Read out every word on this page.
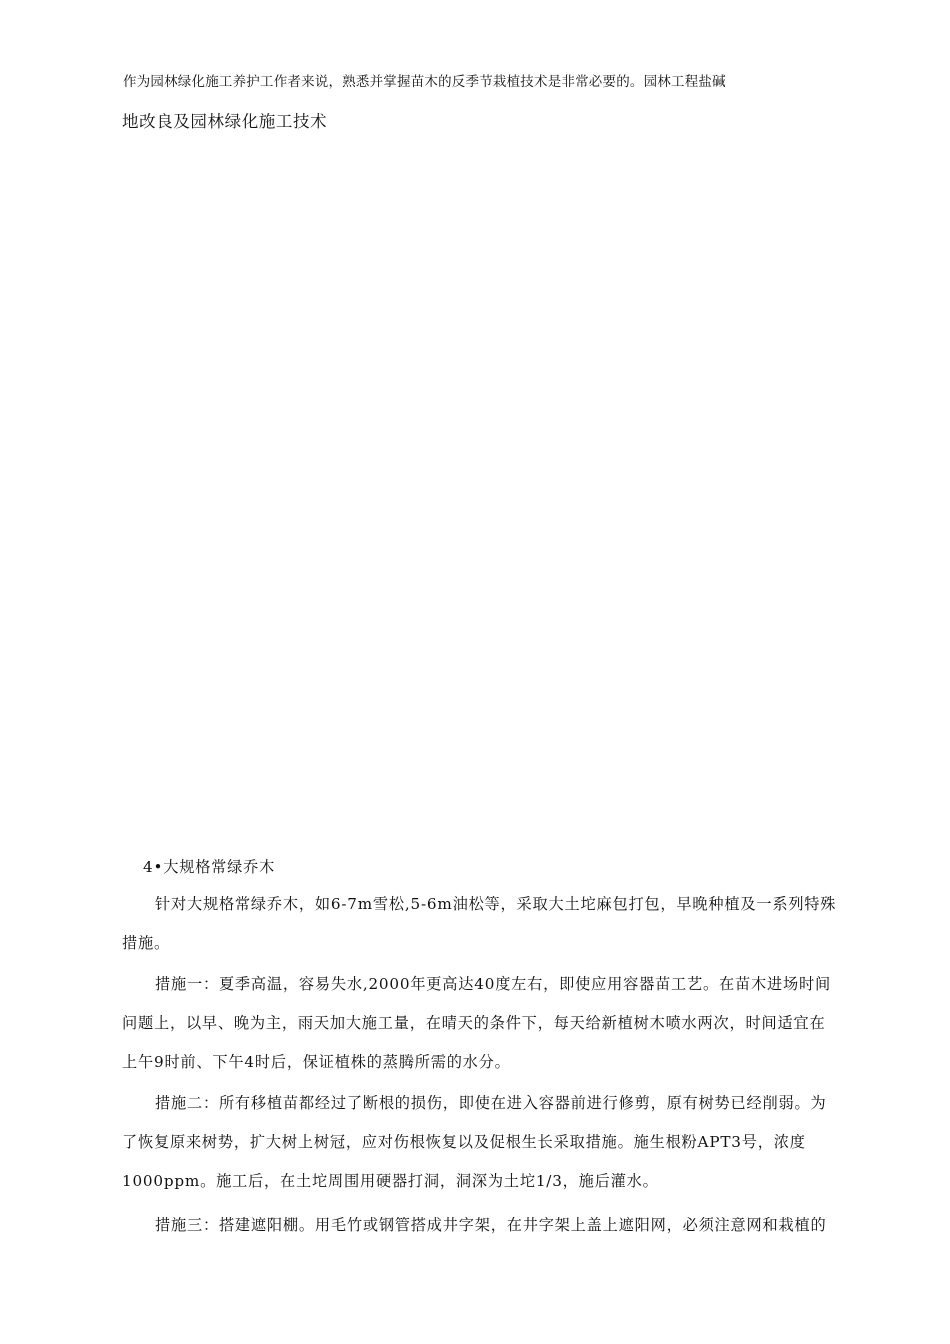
作为园林绿化施工养护工作者来说，熟悉并掌握苗木的反季节栽植技术是非常必要的。园林工程盐碱
地改良及园林绿化施工技术
4•大规格常绿乔木
针对大规格常绿乔木，如6-7m雪松,5-6m油松等，采取大土坨麻包打包，早晚种植及一系列特殊
措施。
措施一：夏季高温，容易失水,2000年更高达40度左右，即使应用容器苗工艺。在苗木进场时间
问题上，以早、晚为主，雨天加大施工量，在晴天的条件下，每天给新植树木喷水两次，时间适宜在
上午9时前、下午4时后，保证植株的蒸腾所需的水分。
措施二：所有移植苗都经过了断根的损伤，即使在进入容器前进行修剪，原有树势已经削弱。为
了恢复原来树势，扩大树上树冠，应对伤根恢复以及促根生长采取措施。施生根粉APT3号，浓度
1000ppm。施工后，在土坨周围用硬器打洞，洞深为土坨1/3，施后灌水。
措施三：搭建遮阳棚。用毛竹或钢管搭成井字架，在井字架上盖上遮阳网，必须注意网和栽植的
